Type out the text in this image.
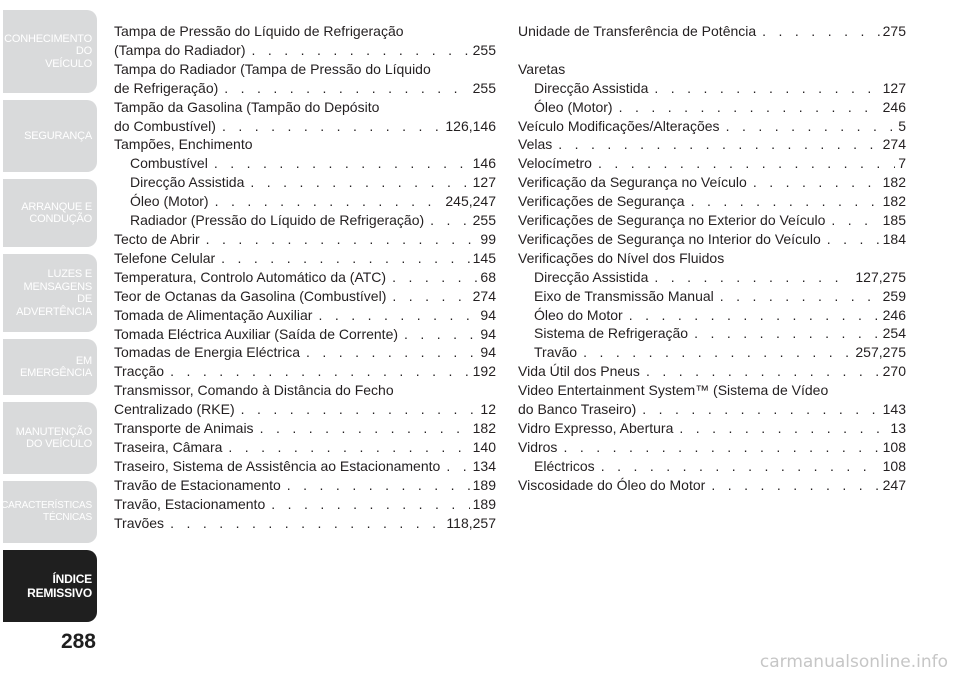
CONHECIMENTO
DO
VEÍCULO
SEGURANÇA
ARRANQUE E
CONDUÇÃO
LUZES E
MENSAGENS
DE
ADVERTÊNCIA
EM
EMERGÊNCIA
MANUTENÇÃO
DO VEÍCULO
CARACTERÍSTICAS
TÉCNICAS
ÍNDICE
REMISSIVO
288
Tampa de Pressão do Líquido de Refrigeração
(Tampa do Radiador) . . .	255
Tampa do Radiador (Tampa de Pressão do Líquido
de Refrigeração) . . .	255
Tampão da Gasolina (Tampão do Depósito
do Combustível) . . .	126,146
Tampões, Enchimento
Combustível . . .	146
Direcção Assistida . . .	127
Óleo (Motor) . . .	245,247
Radiador (Pressão do Líquido de Refrigeração) . . .	255
Tecto de Abrir . . .	99
Telefone Celular . . .	145
Temperatura, Controlo Automático da (ATC) . . .	68
Teor de Octanas da Gasolina (Combustível) . . .	274
Tomada de Alimentação Auxiliar . . .	94
Tomada Eléctrica Auxiliar (Saída de Corrente) . . .	94
Tomadas de Energia Eléctrica . . .	94
Tracção . . .	192
Transmissor, Comando à Distância do Fecho
Centralizado (RKE) . . .	12
Transporte de Animais . . .	182
Traseira, Câmara . . .	140
Traseiro, Sistema de Assistência ao Estacionamento . . . 134
Travão de Estacionamento . . .	189
Travão, Estacionamento . . .	189
Travões . . .	118,257
Unidade de Transferência de Potência . . .	275
Varetas
Direcção Assistida . . .	127
Óleo (Motor) . . .	246
Veículo Modificações/Alterações . . .	5
Velas . . .	274
Velocímetro . . .	7
Verificação da Segurança no Veículo . . .	182
Verificações de Segurança . . .	182
Verificações de Segurança no Exterior do Veículo . . .	185
Verificações de Segurança no Interior do Veículo . . .	184
Verificações do Nível dos Fluidos
Direcção Assistida . . .	127,275
Eixo de Transmissão Manual . . .	259
Óleo do Motor . . .	246
Sistema de Refrigeração . . .	254
Travão . . .	257,275
Vida Útil dos Pneus . . .	270
Video Entertainment System™ (Sistema de Vídeo
do Banco Traseiro) . . .	143
Vidro Expresso, Abertura . . .	13
Vidros . . .	108
Eléctricos . . .	108
Viscosidade do Óleo do Motor . . .	247
carmanualsonline.info
